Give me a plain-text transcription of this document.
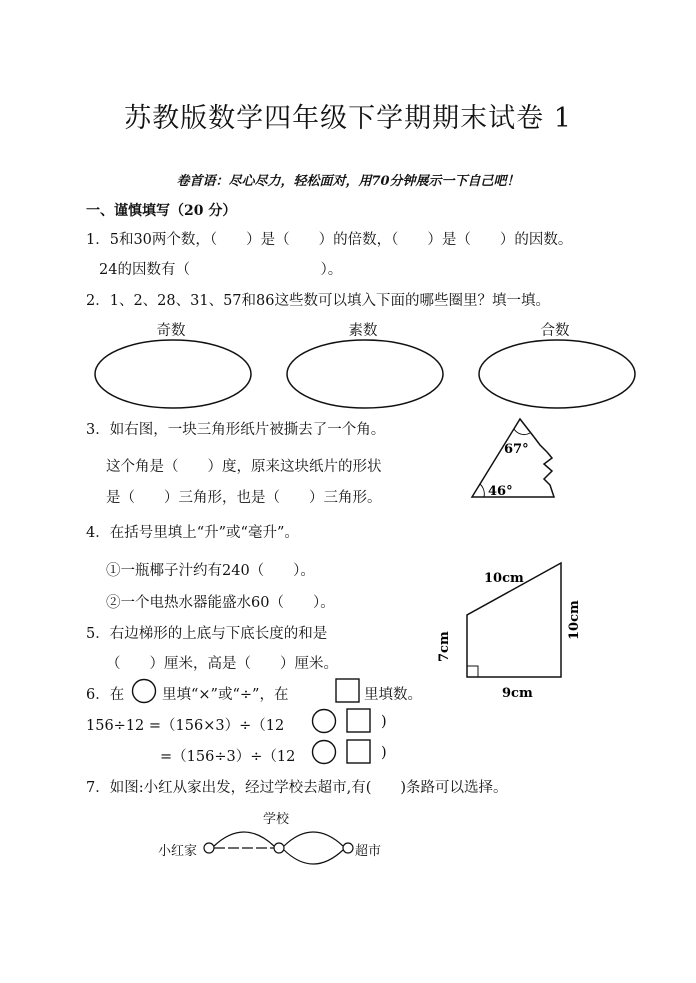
苏教版数学四年级下学期期末试卷 1
卷首语：尽心尽力，轻松面对，用70分钟展示一下自己吧！
一、谨慎填写（20 分）
1．5和30两个数，（　　）是（　　）的倍数，（　　）是（　　）的因数。
24的因数有（　　　　　　　　　）。
2．1、2、28、31、57和86这些数可以填入下面的哪些圈里？填一填。
奇数	素数	合数
3．如右图，一块三角形纸片被撕去了一个角。
这个角是（　　）度，原来这块纸片的形状
是（　　）三角形，也是（　　）三角形。
67°
46°
4．在括号里填上“升”或“毫升”。
①一瓶椰子汁约有240（　　）。
②一个电热水器能盛水60（　　）。
5．右边梯形的上底与下底长度的和是
（　　）厘米，高是（　　）厘米。
10cm
9cm
10cm
7cm
6．在	里填“×”或“÷”，在	里填数。
156÷12 =（156×3）÷（12	)
=（156÷3）÷（12	)
7．如图:小红从家出发，经过学校去超市,有(　　)条路可以选择。
学校
小红家	超市
